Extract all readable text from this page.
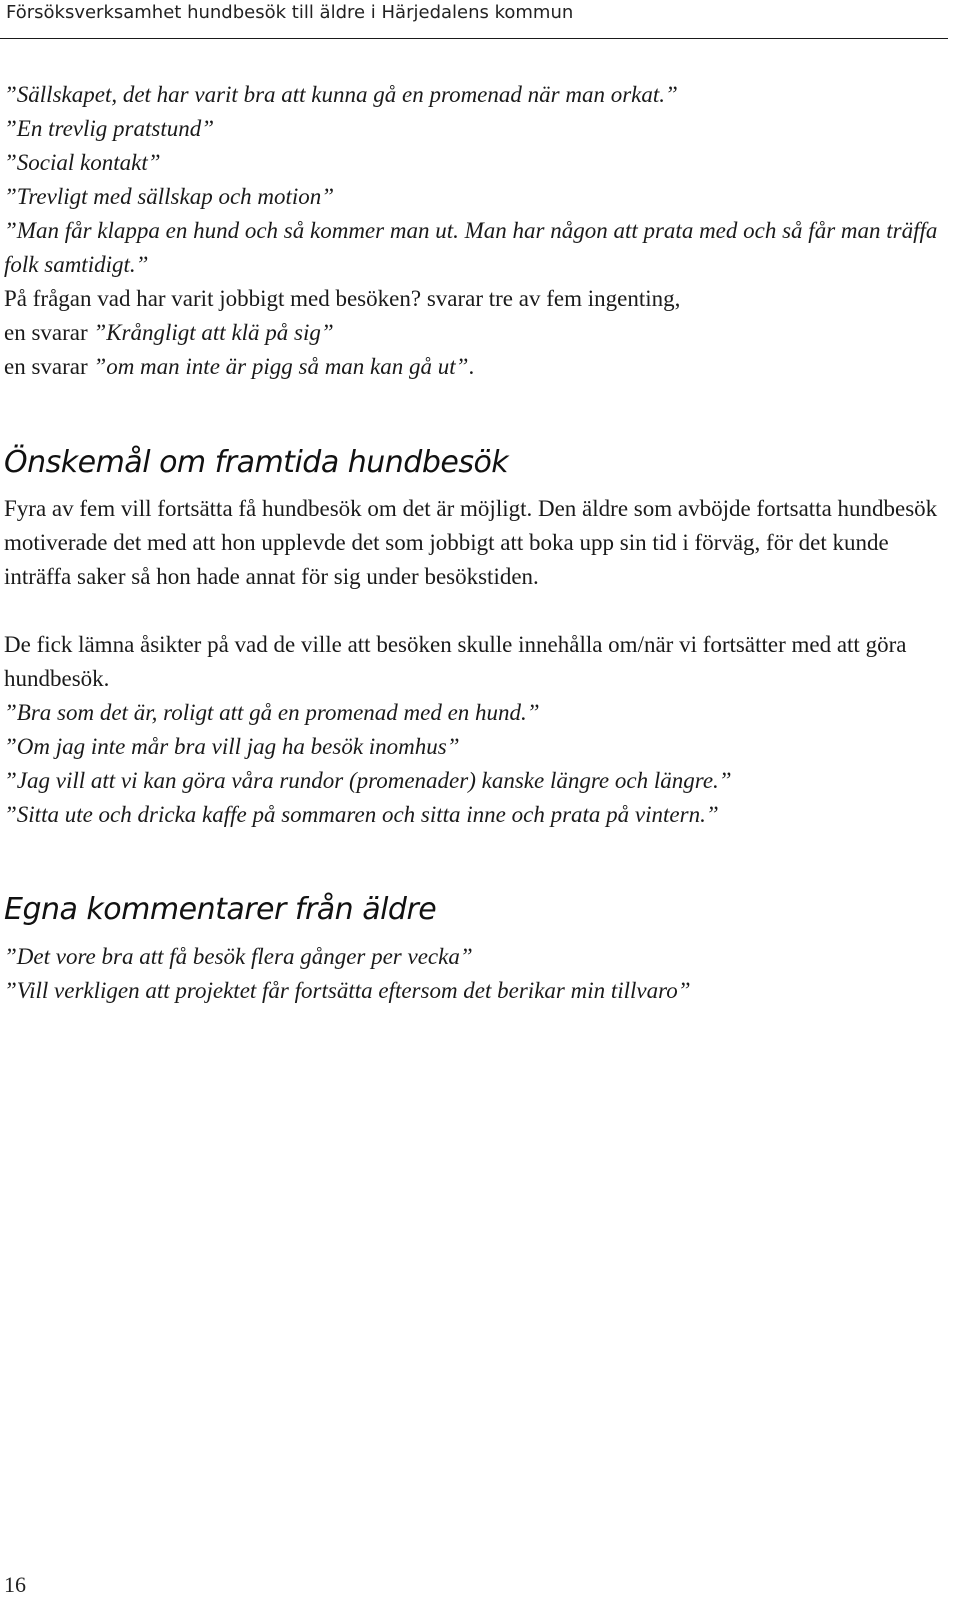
Försöksverksamhet hundbesök till äldre i Härjedalens kommun
”Sällskapet, det har varit bra att kunna gå en promenad när man orkat.”
”En trevlig pratstund”
”Social kontakt”
”Trevligt med sällskap och motion”
”Man får klappa en hund och så kommer man ut. Man har någon att prata med och så får man träffa folk samtidigt.”
På frågan vad har varit jobbigt med besöken? svarar tre av fem ingenting,
en svarar ”Krångligt att klä på sig”
en svarar ”om man inte är pigg så man kan gå ut”.
Önskemål om framtida hundbesök

Fyra av fem vill fortsätta få hundbesök om det är möjligt. Den äldre som avböjde fortsatta hundbesök motiverade det med att hon upplevde det som jobbigt att boka upp sin tid i förväg, för det kunde inträffa saker så hon hade annat för sig under besökstiden.

De fick lämna åsikter på vad de ville att besöken skulle innehålla om/när vi fortsätter med att göra hundbesök.

”Bra som det är, roligt att gå en promenad med en hund.”
”Om jag inte mår bra vill jag ha besök inomhus”
”Jag vill att vi kan göra våra rundor (promenader) kanske längre och längre.”
”Sitta ute och dricka kaffe på sommaren och sitta inne och prata på vintern.”
Egna kommentarer från äldre
”Det vore bra att få besök flera gånger per vecka”
”Vill verkligen att projektet får fortsätta eftersom det berikar min tillvaro”
16
